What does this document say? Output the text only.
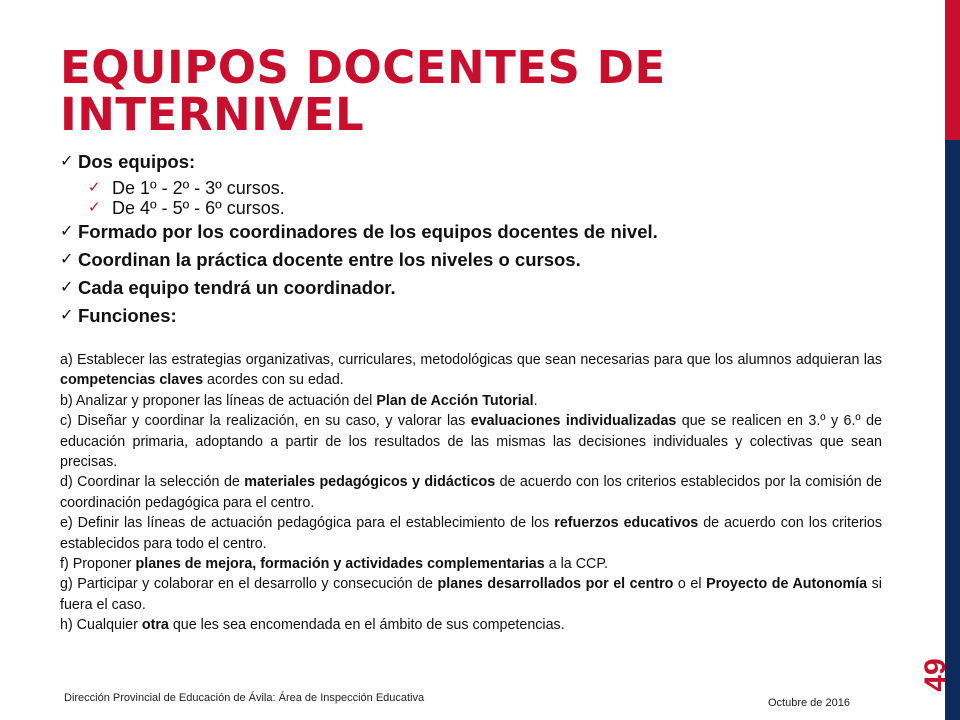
49
EQUIPOS DOCENTES DE INTERNIVEL
✓ Dos equipos:
✓ De 1º - 2º - 3º cursos.
✓ De 4º - 5º - 6º cursos.
✓ Formado por los coordinadores de los equipos docentes de nivel.
✓ Coordinan la práctica docente entre los niveles o cursos.
✓ Cada equipo tendrá un coordinador.
✓ Funciones:

a) Establecer las estrategias organizativas, curriculares, metodológicas que sean necesarias para que los alumnos adquieran las competencias claves acordes con su edad.

b) Analizar y proponer las líneas de actuación del Plan de Acción Tutorial.

c) Diseñar y coordinar la realización, en su caso, y valorar las evaluaciones individualizadas que se realicen en 3.º y 6.º de educación primaria, adoptando a partir de los resultados de las mismas las decisiones individuales y colectivas que sean precisas.

d) Coordinar la selección de materiales pedagógicos y didácticos de acuerdo con los criterios establecidos por la comisión de coordinación pedagógica para el centro.

e) Definir las líneas de actuación pedagógica para el establecimiento de los refuerzos educativos de acuerdo con los criterios establecidos para todo el centro.

f) Proponer planes de mejora, formación y actividades complementarias a la CCP.

g) Participar y colaborar en el desarrollo y consecución de planes desarrollados por el centro o el Proyecto de Autonomía si fuera el caso.

h) Cualquier otra que les sea encomendada en el ámbito de sus competencias.

Dirección Provincial de Educación de Ávila: Área de Inspección Educativa	Octubre de 2016
